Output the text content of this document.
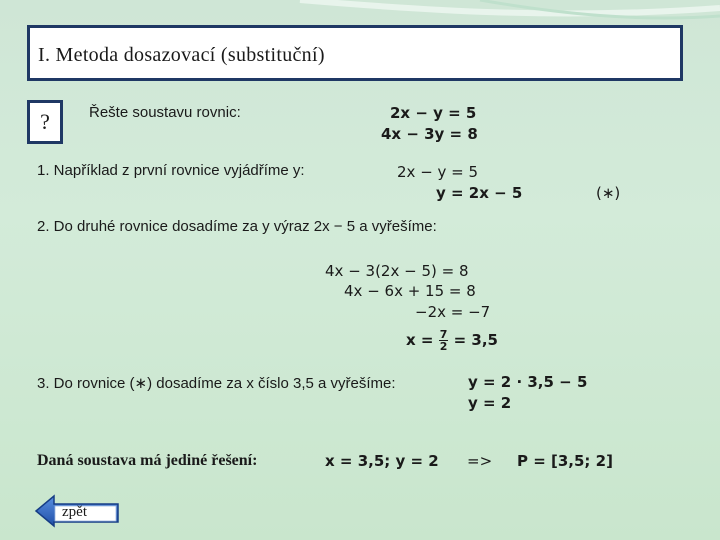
I. Metoda dosazovací (substituční)
?	Řešte soustavu rovnic:	2x − y = 5
4x − 3y = 8
1. Například z první rovnice vyjádříme y:	2x − y = 5
y = 2x − 5	(∗)
2. Do druhé rovnice dosadíme za y výraz 2x − 5 a vyřešíme:
4x − 3(2x − 5) = 8
4x − 6x + 15 = 8
−2x = −7
$x = \frac{7}{2} = 3,5$
3. Do rovnice (∗) dosadíme za x číslo 3,5 a vyřešíme:	y = 2 · 3,5 − 5
y = 2
Daná soustava má jediné řešení:	x = 3,5; y = 2 => P = [3,5; 2]
zpět
